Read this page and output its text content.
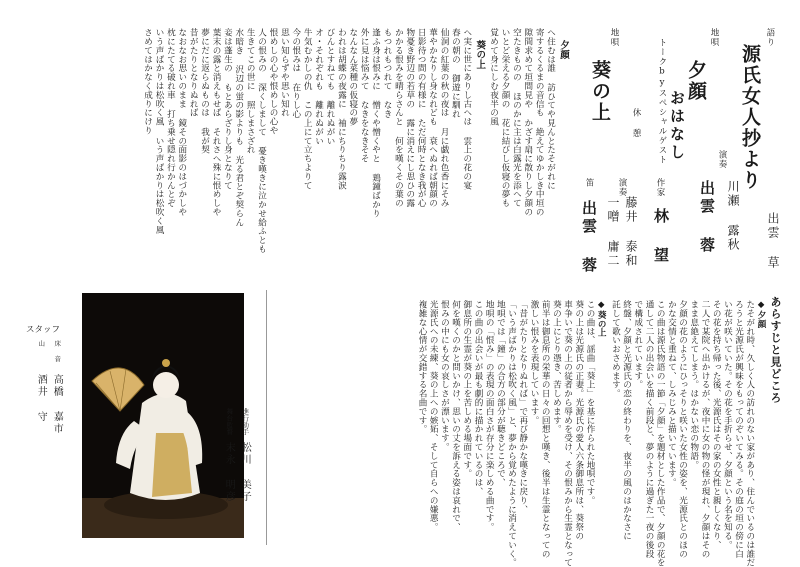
語り
源氏女人抄より
出雲 草
地唄
夕顔
演奏
出雲 蓉 川瀬 露秋
トークbyスペシャルゲスト おはなし
作家
林 望
休 憩
地唄
葵の上
演奏
藤井 泰和
一噌 庸二
笛
出雲 蓉
夕顔
へ住むは誰 訪ひてや見んとたそがれに
寄するくるまの音信も 絶えてゆかしき中垣の
隙間求めて垣間見や かざす扇に散りし夕顔の
空たきものの ほのかに主は白露光を添へて
いとど栄える夕顔の 花に結びし仮寝の夢も
覚めて身にしむ夜半の風
葵の上
へ実に世にありし古へは 雲上の花の宴
春の朝の 御遊に馴れ
仙洞の紅葉の秋の夜は 月に戯れ色香にそみ
華やかなりし身なれども 衰へぬれば朝顔の
日影待つ間の有様に ただ何時となき我が心
物憂き野辺の若草の 露に消えにし思ひの露
かかる恨みを晴らさんと 何を嘆くその葉の
もつれもつれて なき
逢ふ身は恨みに 憎くや憎くやと 鶏鐘ばかり
外に見は悩みて なきをなきそそ
なんなん菜種の仮寝の夢
われは胡蝶の夜露に 袖にちりちり露涙
びんとすねても 離れぬがい
オ・それぞれも 離れぬがい
牛気むかしの仇 この上にて立ちよりて
今の恨みは 在りし心
思い知らずや思い知れ
恨めしの心や恨めしの心や
人の恨みの 深くしまして 憂き嘆きに泣かせ給ふとも
生きてこの世に 照しまさざれ
水暗き 沢辺の蛍の影よりも 光る君とぞ契らん
妾は蓬生の もとあらざりし身となりて
葉末の露と消えもせば それさへ殊に恨めしや
夢にだに返らぬものは 我が契
昔がたりとなりぬれば
なおなお思いのまま 鏡その面影のはづかしや
枕にたてる破れ車 打ち乗せ隠れ行かんとぞ
いう声ばかりは松吹く風 いう声ばかりは松吹く風
さめてはかなく成りにけり
あらすじと見どころ
◆夕顔
たそがれ時、久しく人の訪れのない家があり、住んでいるのは誰だ
ろうと光源氏が興味をもってのぞいてみる。その庭の垣の傍に白
い花が咲いていた。その花を手折らせ、夕顔という名を知る。
その花を持ち帰った後、光源氏はその家の女性と親しくなり、
二人で某院へ出かけるが、夜中に女の物の怪が現れ、夕顔はその
まま息絶えてしまう。はかない恋の物語。
夕顔の花のようにひっそりと咲いた女性の姿を、光源氏とのほの
かな交情と重ねて、しみじみと描いています。
この曲は源氏物語の一節「夕顔」を題材とした作品で、夕顔の花を
通して二人の出会いを描く前段と、夢のように過ぎた一夜の後段
で構成されています。
終盤、夕顔と光源氏の恋の終わりを、夜半の風のはかなさに
託して歌いおさめます。
◆葵の上
この曲は、謡曲「葵上」を基に作られた地唄です。
葵の上は光源氏の正妻。光源氏の愛人六条御息所は、葵祭の
車争いで葵の上の従者から辱めを受け、その恨みから生霊となって
葵の上にとり憑き、苦しめます。
前半は御息所の栄華の日々の回想と嘆き、後半は生霊となっての
激しい恨みを表現しています。
「昔がたりとなりぬれば」で再び静かな嘆きに戻り、
「いう声ばかりは松吹く風」と、夢から覚めたように消えていく。
地唄では「鐘」の合方の部分が聴きどころで、
地唄の「恨み」の表現の面白さが存分に楽しめる曲です。
この曲の出会いが最も劇的に描かれているのは、
御息所の生霊が葵の上を苦しめる場面です。
何を嘆くのかと問いかけ、思いの丈を訴える姿は哀れで、
恨みの中にも女の哀しさが漂います。
光源氏への未練、葵の上への嫉妬、そして自らへの嫌悪。
複雑な心情が交錯する名曲です。
スタッフ
床 音
高橋 嘉市
山
酒井 守	進行助手
松川 美子
舞台監督
末永 明彦
